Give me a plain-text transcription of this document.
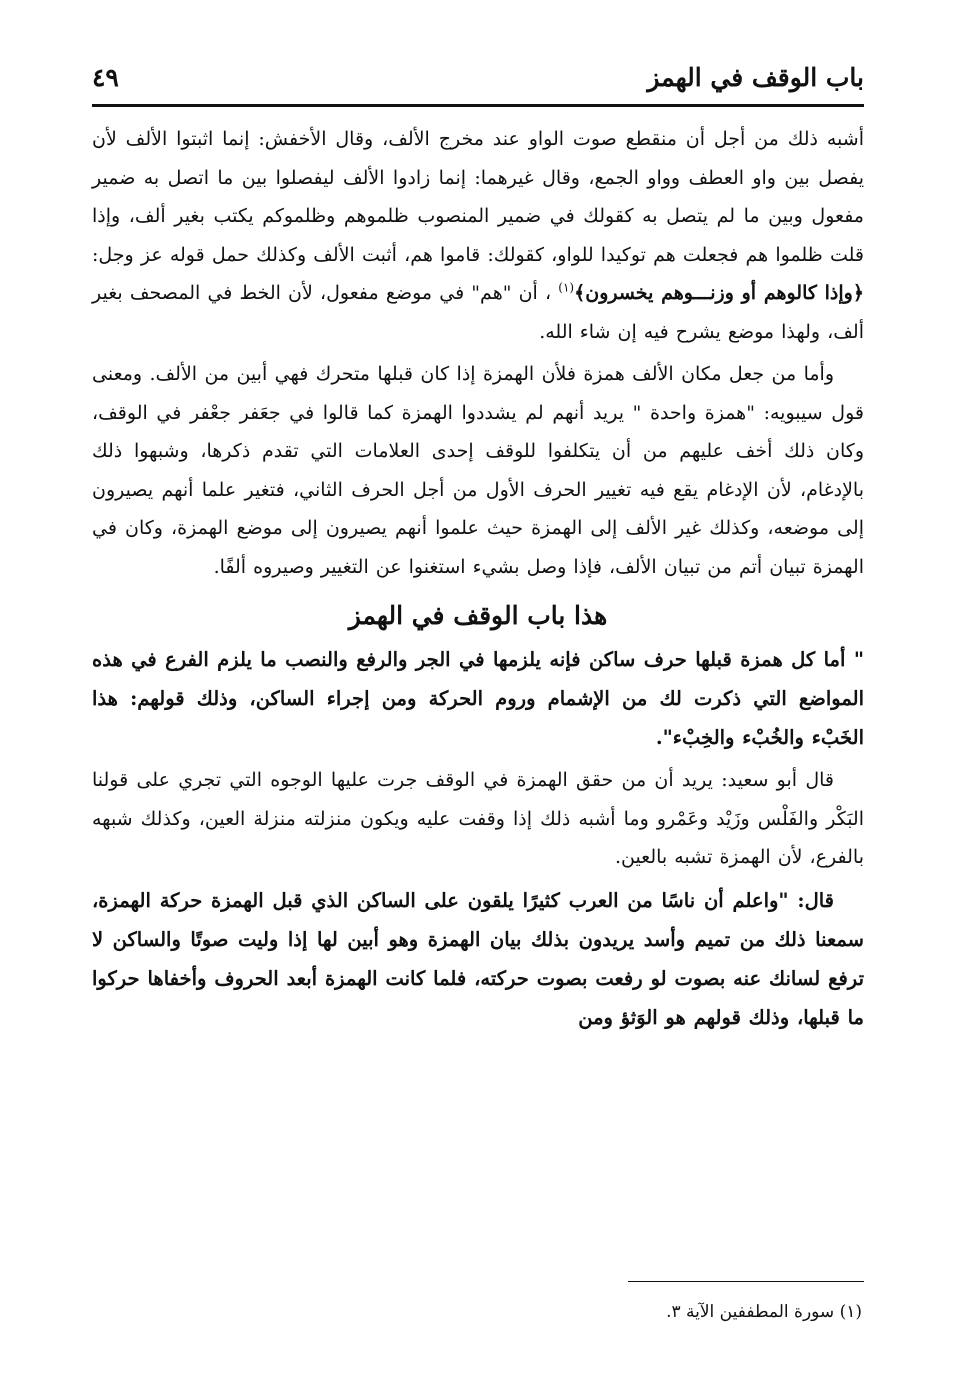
باب الوقف في الهمز
٤٩

أشبه ذلك من أجل أن منقطع صوت الواو عند مخرج الألف، وقال الأخفش: إنما اثبتوا الألف لأن يفصل بين واو العطف وواو الجمع، وقال غيرهما: إنما زادوا الألف ليفصلوا بين ما اتصل به ضمير مفعول وبين ما لم يتصل به كقولك في ضمير المنصوب ظلموهم وظلموكم يكتب بغير ألف، وإذا قلت ظلموا هم فجعلت هم توكيدا للواو، كقولك: قاموا هم، أثبت الألف وكذلك حمل قوله عز وجل: ﴿وإذا كالوهم أو وزنـــوهم يخسرون﴾$^{(١)}$ ، أن "هم" في موضع مفعول، لأن الخط في المصحف بغير ألف، ولهذا موضع يشرح فيه إن شاء الله.

وأما من جعل مكان الألف همزة فلأن الهمزة إذا كان قبلها متحرك فهي أبين من الألف. ومعنى قول سيبويه: "همزة واحدة " يريد أنهم لم يشددوا الهمزة كما قالوا في جعَفر جعْفر في الوقف، وكان ذلك أخف عليهم من أن يتكلفوا للوقف إحدى العلامات التي تقدم ذكرها، وشبهوا ذلك بالإدغام، لأن الإدغام يقع فيه تغيير الحرف الأول من أجل الحرف الثاني، فتغير علما أنهم يصيرون إلى موضعه، وكذلك غير الألف إلى الهمزة حيث علموا أنهم يصيرون إلى موضع الهمزة، وكان في الهمزة تبيان أتم من تبيان الألف، فإذا وصل بشيء استغنوا عن التغيير وصيروه ألفًا.

هذا باب الوقف في الهمز

" أما كل همزة قبلها حرف ساكن فإنه يلزمها في الجر والرفع والنصب ما يلزم الفرع في هذه المواضع التي ذكرت لك من الإشمام وروم الحركة ومن إجراء الساكن، وذلك قولهم: هذا الخَبْء والخُبْء والخِبْء".

قال أبو سعيد: يريد أن من حقق الهمزة في الوقف جرت عليها الوجوه التي تجري على قولنا البَكْر والفَلْس وزَيْد وعَمْرو وما أشبه ذلك إذا وقفت عليه ويكون منزلته منزلة العين، وكذلك شبهه بالفرع، لأن الهمزة تشبه بالعين.

قال: "واعلم أن ناسًا من العرب كثيرًا يلقون على الساكن الذي قبل الهمزة حركة الهمزة، سمعنا ذلك من تميم وأسد يريدون بذلك بيان الهمزة وهو أبين لها إذا وليت صوتًا والساكن لا ترفع لسانك عنه بصوت لو رفعت بصوت حركته، فلما كانت الهمزة أبعد الحروف وأخفاها حركوا ما قبلها، وذلك قولهم هو الوَثؤ ومن

(١) سورة المطففين الآية ٣.
